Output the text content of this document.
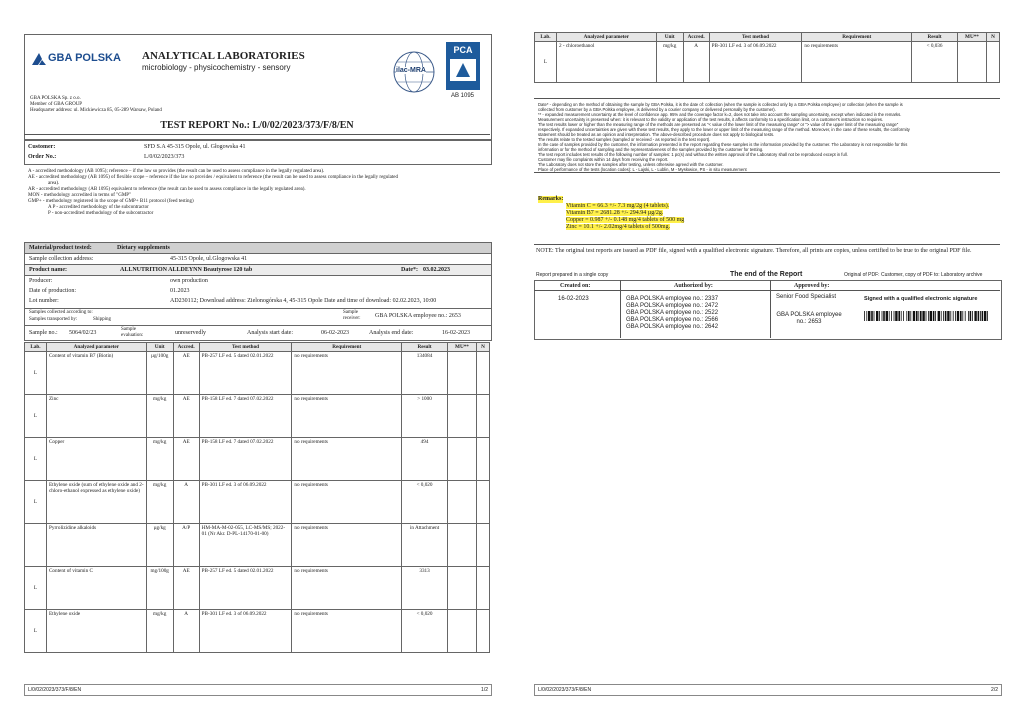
GBA POLSKA ANALYTICAL LABORATORIES
microbiology - physicochemistry - sensory
GBA POLSKA Sp. z o.o.
Member of GBA GROUP
Headquarter address: ul. Mickiewicza 85, 05-289 Warsaw, Poland
ilac-MRA
PCA
AB 1095
TEST REPORT No.: L/0/02/2023/373/F/8/EN
Customer:	SFD S.A 45-315 Opole, ul. Głogowska 41
Order No.:	L/0/02/2023/373
A - accredited methodology (AB 1095); reference – if the law so provides (the result can be used to assess compliance in the legally regulated area).
AE - accredited methodology (AB 1095) of flexible scope – reference if the law so provides / equivalent to reference (the result can be used to assess compliance in the legally regulated
area).
AR - accredited methodology (AB 1095) equivalent to reference (the result can be used to assess compliance in the legally regulated area).
MON - methodology accredited in terms of "GMP"
GMP+ - methodology registered in the scope of GMP+ B11 protocol (feed testing)
A P - accredited methodology of the subcontractor
P - non-accredited methodology of the subcontractor
Material/product tested:	Dietary supplements
Sample collection address:	45-315 Opole, ul.Glogowska 41
Product name:	ALLNUTRITION ALLDEYNN Beautyrose 120 tab	Date*: 03.02.2023
Producer:	own production
Date of production:	01.2023
Lot number:	AD230112; Download address: Zielonogórska 4, 45-315 Opole Date and time of download: 02.02.2023, 10:00
Samples collected according to:
Samples transported by:	Shipping
Sample receiver:	GBA POLSKA employee no.: 2653
Sample no.: 5064/02/23
Sample evaluation:	unreservedly	Analysis start date:	06-02-2023	Analysis end date:	16-02-2023
Lab.	Analyzed parameter	Unit	Accred.	Test method	Requirement	Result	MU**	N
L	Content of vitamin B7 (Biotin)	µg/100g	AE	PB-257 LF ed. 5 dated 02.01.2022	no requirements	134084		
L	Zinc	mg/kg	AE	PB-158 LF ed. 7 dated 07.02.2022	no requirements	> 1000		
L	Copper	mg/kg	AE	PB-158 LF ed. 7 dated 07.02.2022	no requirements	494		
L	Ethylene oxide (sum of ethylene oxide and 2-chloro-ethanol expressed as ethylene oxide)	mg/kg	A	PB-301 LF ed. 3 of 06.09.2022	no requirements	< 0,020		
	Pyrrolizidine alkaloids	µg/kg	A/P	HM-MA-M-02-055, LC-MS/MS; 2022-01 (Nr Akr. D-PL-14170-01-00)	no requirements	in Attachment		
L	Content of vitamin C	mg/100g	AE	PB-257 LF ed. 5 dated 02.01.2022	no requirements	3313		
L	Ethylene oxide	mg/kg	A	PB-301 LF ed. 3 of 06.09.2022	no requirements	< 0,020		
L/0/02/2023/373/F/8/EN	1/2
Lab.	Analyzed parameter	Unit	Accred.	Test method	Requirement	Result	MU**	N
L	2 - chloroethanol	mg/kg	A	PB-301 LF ed. 3 of 06.09.2022	no requirements	< 0,036		
Date* - depending on the method of obtaining the sample by GBA Polska, it is the date of: collection (when the sample is collected only by a GBA Polska employee) or collection (when the sample is
collected from customer by a GBA Polska employee, is delivered by a courier company or delivered personally by the customer).
** - expanded measurement uncertainty at the level of confidence app. 95% and the coverage factor k=2, does not take into account the sampling uncertainty, except when indicated in the remarks.
Measurement uncertainty is presented when: it is relevant to the validity or application of the test results, it affects conformity to a specification limit, or a customer's instruction so requires.
The test results lower or higher than the measuring range of the methods are presented as "< value of the lower limit of the measuring range" or "> value of the upper limit of the measuring range"
respectively. If expanded uncertainties are given with these test results, they apply to the lower or upper limit of the measuring range of the method. Moreover, in the case of these results, the conformity
statement should be treated as an opinion and interpretation. The above-described procedure does not apply to biological tests.
The results relate to the tested samples (sampled or received - as reported in the test report).
In the case of samples provided by the customer, the information presented in the report regarding these samples is the information provided by the customer. The Laboratory is not responsible for this
information or for the method of sampling and the representativeness of the samples provided by the customer for testing.
The test report includes test results of the following number of samples: 1 pc(s) and without the written approval of the Laboratory shall not be reproduced except in full.
Customer may file complaints within 14 days from receiving the report.
The Laboratory does not store the samples after testing, unless otherwise agreed with the customer.
Place of performance of the tests (location codes): L - Lajski, L - Lublin, M - Mysłowice, PS - in situ measurement
Remarks:
Vitamin C = 66.3 +/- 7.3 mg/2g (4 tablets).
Vitamin B7 = 2681.28 +/- 294.94 µg/2g.
Copper = 0.987 +/- 0.148 mg/4 tablets of 500 mg
Zinc = 10.1 +/- 2.02mg/4 tablets of 500mg.
NOTE: The original test reports are issued as PDF file, signed with a qualified electronic signature. Therefore, all prints are copies, unless certified to be true to the original PDF file.
Report prepared in a single copy	The end of the Report	Original of PDF: Customer, copy of PDF to: Laboratory archive
Created on:
16-02-2023
Authorized by:
GBA POLSKA employee no.: 2337
GBA POLSKA employee no.: 2472
GBA POLSKA employee no.: 2522
GBA POLSKA employee no.: 2566
GBA POLSKA employee no.: 2642
Approved by:
Senior Food Specialist
GBA POLSKA employee no.: 2653
Signed with a qualified electronic signature
L/0/02/2023/373/F/8/EN	2/2
